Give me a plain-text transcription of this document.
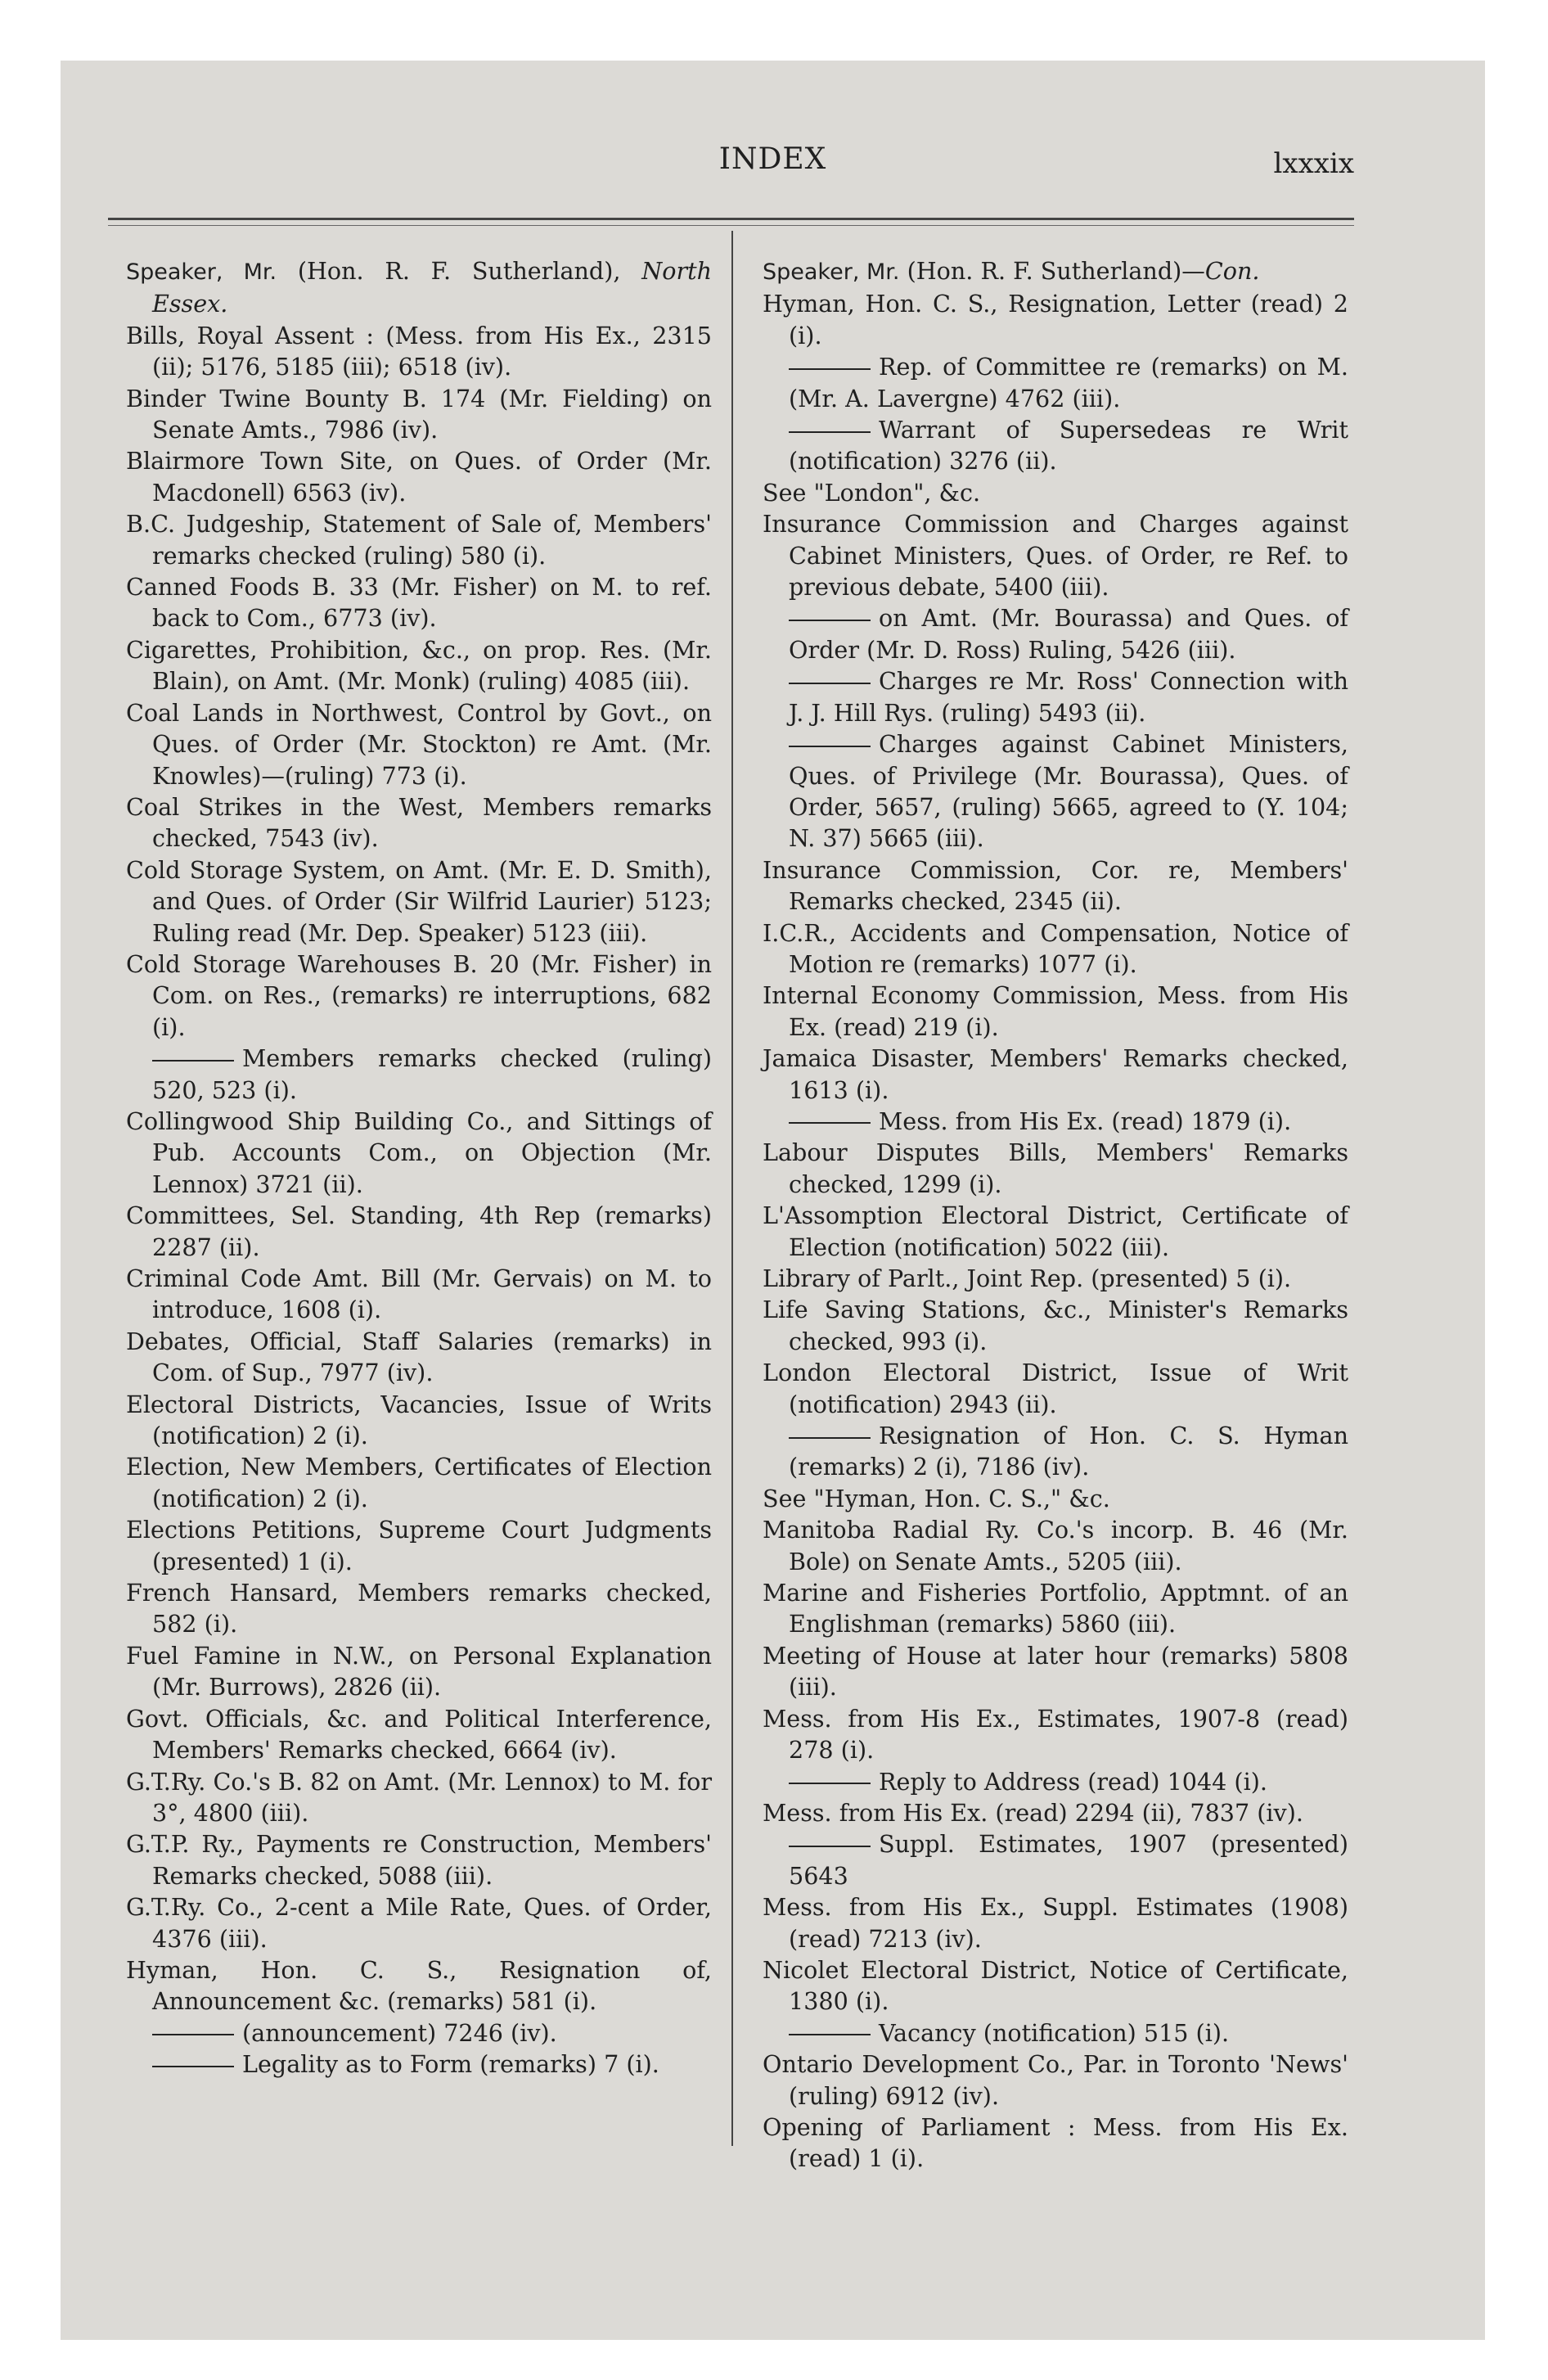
INDEX	lxxxix

Speaker, Mr. (Hon. R. F. Sutherland), North Essex.

Bills, Royal Assent : (Mess. from His Ex., 2315 (ii); 5176, 5185 (iii); 6518 (iv).

Binder Twine Bounty B. 174 (Mr. Fielding) on Senate Amts., 7986 (iv).

Blairmore Town Site, on Ques. of Order (Mr. Macdonell) 6563 (iv).

B.C. Judgeship, Statement of Sale of, Members' remarks checked (ruling) 580 (i).

Canned Foods B. 33 (Mr. Fisher) on M. to ref. back to Com., 6773 (iv).

Cigarettes, Prohibition, &c., on prop. Res. (Mr. Blain), on Amt. (Mr. Monk) (ruling) 4085 (iii).

Coal Lands in Northwest, Control by Govt., on Ques. of Order (Mr. Stockton) re Amt. (Mr. Knowles)—(ruling) 773 (i).

Coal Strikes in the West, Members remarks checked, 7543 (iv).

Cold Storage System, on Amt. (Mr. E. D. Smith), and Ques. of Order (Sir Wilfrid Laurier) 5123; Ruling read (Mr. Dep. Speaker) 5123 (iii).

Cold Storage Warehouses B. 20 (Mr. Fisher) in Com. on Res., (remarks) re interruptions, 682 (i).

Members remarks checked (ruling) 520, 523 (i).

Collingwood Ship Building Co., and Sittings of Pub. Accounts Com., on Objection (Mr. Lennox) 3721 (ii).

Committees, Sel. Standing, 4th Rep (remarks) 2287 (ii).

Criminal Code Amt. Bill (Mr. Gervais) on M. to introduce, 1608 (i).

Debates, Official, Staff Salaries (remarks) in Com. of Sup., 7977 (iv).

Electoral Districts, Vacancies, Issue of Writs (notification) 2 (i).

Election, New Members, Certificates of Election (notification) 2 (i).

Elections Petitions, Supreme Court Judgments (presented) 1 (i).

French Hansard, Members remarks checked, 582 (i).

Fuel Famine in N.W., on Personal Explanation (Mr. Burrows), 2826 (ii).

Govt. Officials, &c. and Political Interference, Members' Remarks checked, 6664 (iv).

G.T.Ry. Co.'s B. 82 on Amt. (Mr. Lennox) to M. for 3°, 4800 (iii).

G.T.P. Ry., Payments re Construction, Members' Remarks checked, 5088 (iii).

G.T.Ry. Co., 2-cent a Mile Rate, Ques. of Order, 4376 (iii).

Hyman, Hon. C. S., Resignation of, Announcement &c. (remarks) 581 (i).

(announcement) 7246 (iv).

Legality as to Form (remarks) 7 (i).

Speaker, Mr. (Hon. R. F. Sutherland)—Con.

Hyman, Hon. C. S., Resignation, Letter (read) 2 (i).

Rep. of Committee re (remarks) on M. (Mr. A. Lavergne) 4762 (iii).

Warrant of Supersedeas re Writ (notification) 3276 (ii).

See "London", &c.

Insurance Commission and Charges against Cabinet Ministers, Ques. of Order, re Ref. to previous debate, 5400 (iii).

on Amt. (Mr. Bourassa) and Ques. of Order (Mr. D. Ross) Ruling, 5426 (iii).

Charges re Mr. Ross' Connection with J. J. Hill Rys. (ruling) 5493 (ii).

Charges against Cabinet Ministers, Ques. of Privilege (Mr. Bourassa), Ques. of Order, 5657, (ruling) 5665, agreed to (Y. 104; N. 37) 5665 (iii).

Insurance Commission, Cor. re, Members' Remarks checked, 2345 (ii).

I.C.R., Accidents and Compensation, Notice of Motion re (remarks) 1077 (i).

Internal Economy Commission, Mess. from His Ex. (read) 219 (i).

Jamaica Disaster, Members' Remarks checked, 1613 (i).

Mess. from His Ex. (read) 1879 (i).

Labour Disputes Bills, Members' Remarks checked, 1299 (i).

L'Assomption Electoral District, Certificate of Election (notification) 5022 (iii).

Library of Parlt., Joint Rep. (presented) 5 (i).

Life Saving Stations, &c., Minister's Remarks checked, 993 (i).

London Electoral District, Issue of Writ (notification) 2943 (ii).

Resignation of Hon. C. S. Hyman (remarks) 2 (i), 7186 (iv).

See "Hyman, Hon. C. S.," &c.

Manitoba Radial Ry. Co.'s incorp. B. 46 (Mr. Bole) on Senate Amts., 5205 (iii).

Marine and Fisheries Portfolio, Apptmnt. of an Englishman (remarks) 5860 (iii).

Meeting of House at later hour (remarks) 5808 (iii).

Mess. from His Ex., Estimates, 1907-8 (read) 278 (i).

Reply to Address (read) 1044 (i).

Mess. from His Ex. (read) 2294 (ii), 7837 (iv).

Suppl. Estimates, 1907 (presented) 5643

Mess. from His Ex., Suppl. Estimates (1908) (read) 7213 (iv).

Nicolet Electoral District, Notice of Certificate, 1380 (i).

Vacancy (notification) 515 (i).

Ontario Development Co., Par. in Toronto 'News' (ruling) 6912 (iv).

Opening of Parliament : Mess. from His Ex. (read) 1 (i).
